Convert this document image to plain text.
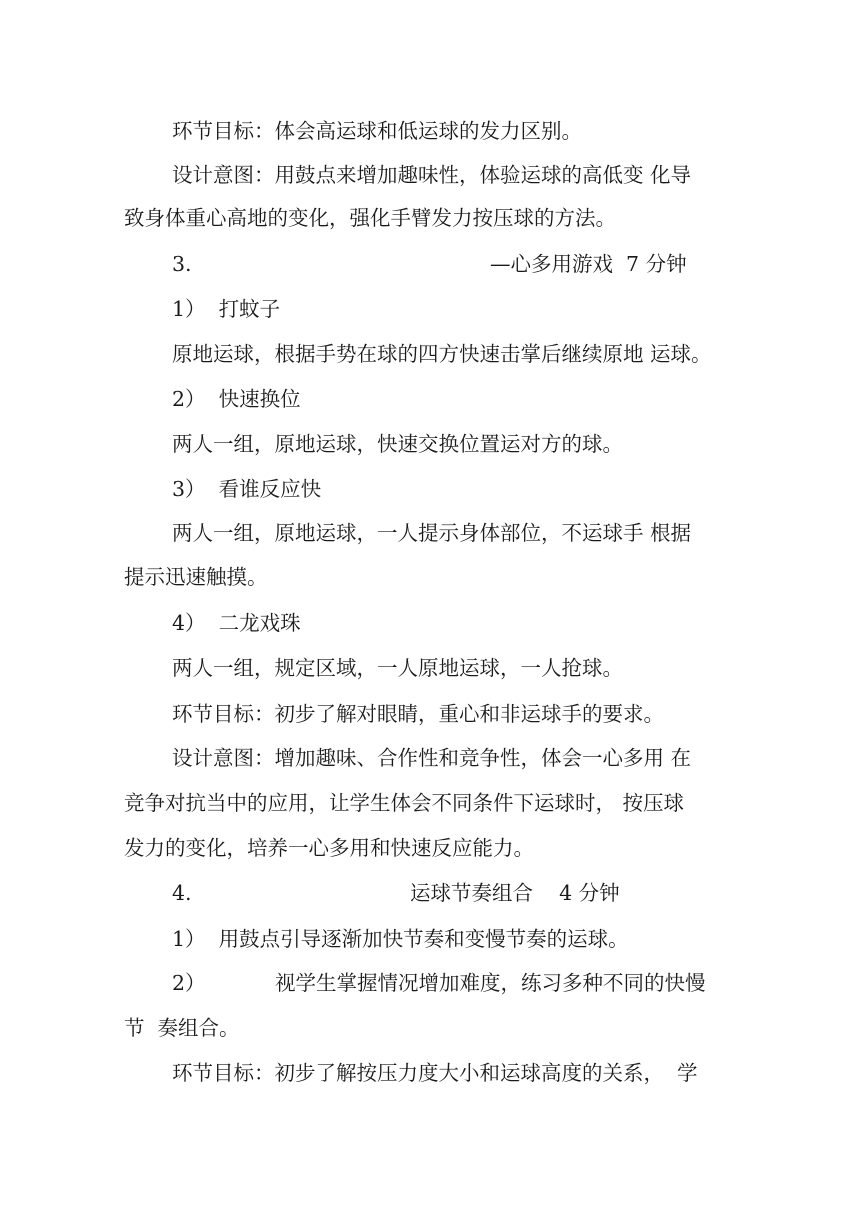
环节目标：体会高运球和低运球的发力区别。
设计意图：用鼓点来增加趣味性，体验运球的高低变 化导
致身体重心高地的变化，强化手臂发力按压球的方法。
3.	—心多用游戏  7 分钟
1）  打蚊子
原地运球，根据手势在球的四方快速击掌后继续原地 运球。
2）  快速换位
两人一组，原地运球，快速交换位置运对方的球。
3）  看谁反应快
两人一组，原地运球，一人提示身体部位，不运球手 根据
提示迅速触摸。
4）  二龙戏珠
两人一组，规定区域，一人原地运球，一人抢球。
环节目标：初步了解对眼睛，重心和非运球手的要求。
设计意图：增加趣味、合作性和竞争性，体会一心多用 在
竞争对抗当中的应用，让学生体会不同条件下运球时， 按压球
发力的变化，培养一心多用和快速反应能力。
4.	运球节奏组合    4 分钟
1）  用鼓点引导逐渐加快节奏和变慢节奏的运球。
2）	视学生掌握情况增加难度，练习多种不同的快慢
节  奏组合。
环节目标：初步了解按压力度大小和运球高度的关系，  学
